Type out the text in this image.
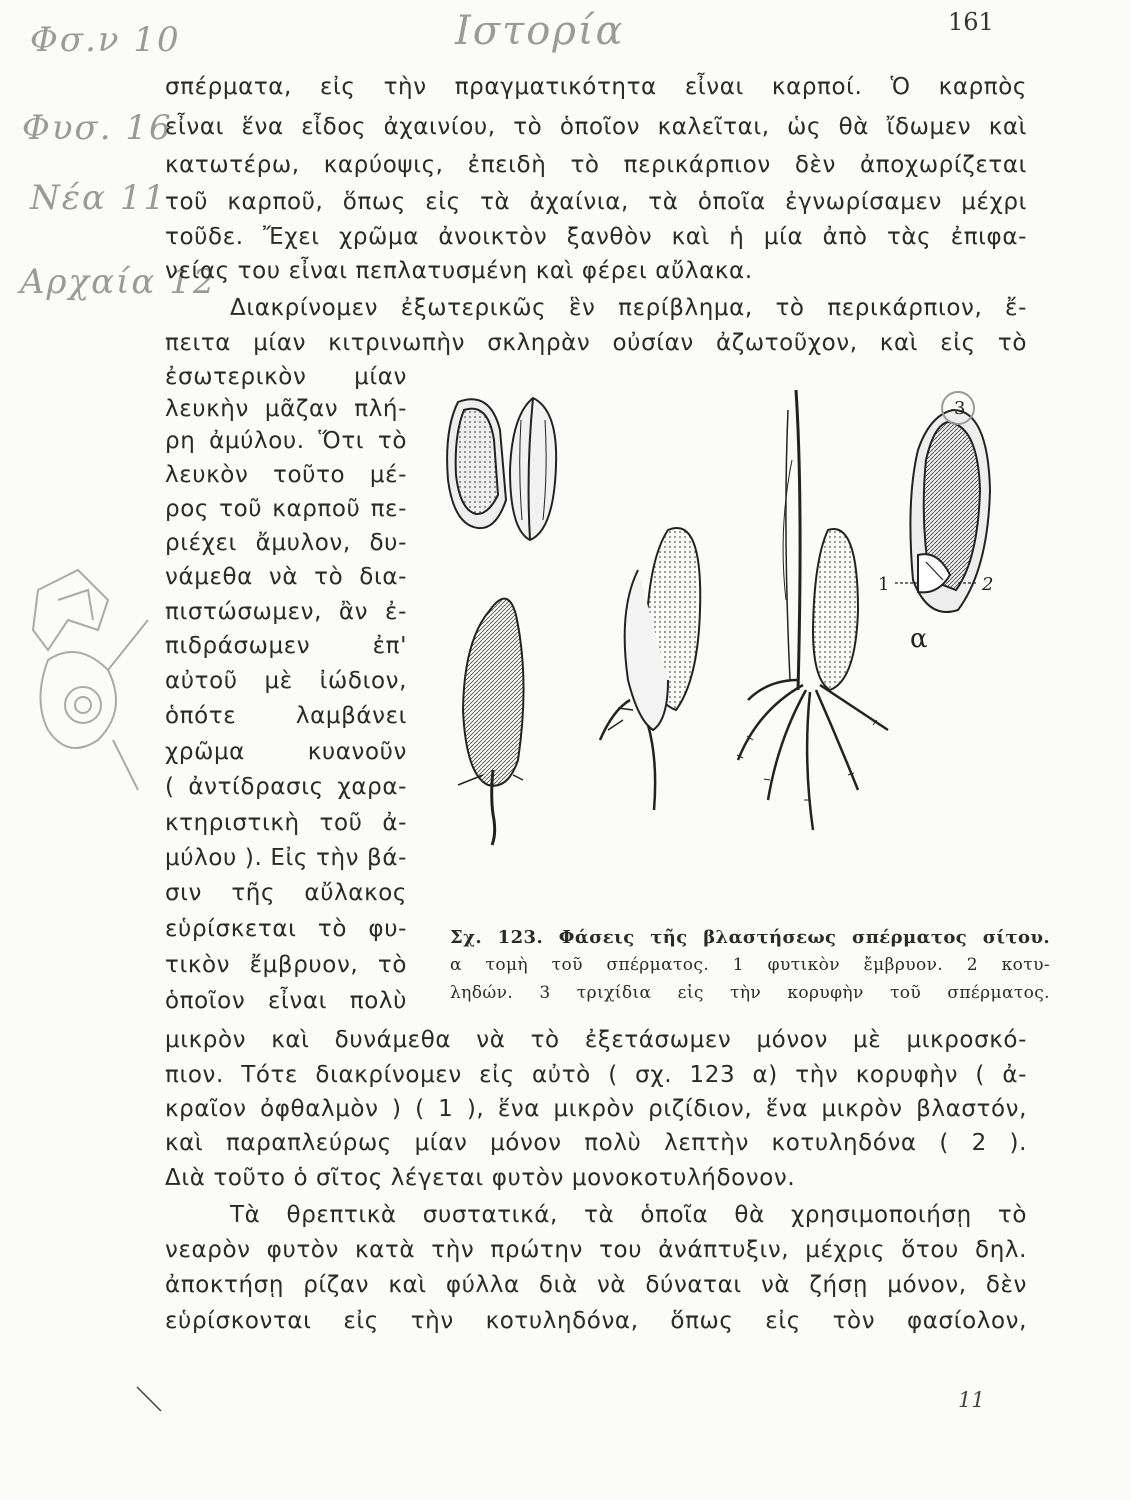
161
Φσ.ν 10	Ιστορία
Φυσ. 16
Νέα 11
Αρχαία 12
σπέρματα, εἰς τὴν πραγματικότητα εἶναι καρποί. Ὁ καρπὸς
εἶναι ἕνα εἶδος ἀχαινίου, τὸ ὁποῖον καλεῖται, ὡς θὰ ἴδωμεν καὶ
κατωτέρω, καρύοψις, ἐπειδὴ τὸ περικάρπιον δὲν ἀποχωρίζεται
τοῦ καρποῦ, ὅπως εἰς τὰ ἀχαίνια, τὰ ὁποῖα ἐγνωρίσαμεν μέχρι
τοῦδε. Ἔχει χρῶμα ἀνοικτὸν ξανθὸν καὶ ἡ μία ἀπὸ τὰς ἐπιφα-
νείας του εἶναι πεπλατυσμένη καὶ φέρει αὔλακα.
Διακρίνομεν ἐξωτερικῶς ἓν περίβλημα, τὸ περικάρπιον, ἔ-
πειτα μίαν κιτρινωπὴν σκληρὰν οὐσίαν ἀζωτοῦχον, καὶ εἰς τὸ
ἐσωτερικὸν μίαν
λευκὴν μᾶζαν πλή-
ρη ἀμύλου. Ὅτι τὸ
λευκὸν τοῦτο μέ-
ρος τοῦ καρποῦ πε-
ριέχει ἄμυλον, δυ-
νάμεθα νὰ τὸ δια-
πιστώσωμεν, ἂν ἐ-
πιδράσωμεν ἐπ'
αὐτοῦ μὲ ἰώδιον,
ὁπότε λαμβάνει
χρῶμα κυανοῦν
( ἀντίδρασις χαρα-
κτηριστικὴ τοῦ ἀ-
μύλου ). Εἰς τὴν βά-
σιν τῆς αὔλακος
εὑρίσκεται τὸ φυ-
τικὸν ἔμβρυον, τὸ
ὁποῖον εἶναι πολὺ
α
1	2
3
Σχ. 123. Φάσεις τῆς βλαστήσεως σπέρματος σίτου.
α τομὴ τοῦ σπέρματος. 1 φυτικὸν ἔμβρυον. 2 κοτυ-
ληδών. 3 τριχίδια εἰς τὴν κορυφὴν τοῦ σπέρματος.
μικρὸν καὶ δυνάμεθα νὰ τὸ ἐξετάσωμεν μόνον μὲ μικροσκό-
πιον. Τότε διακρίνομεν εἰς αὐτὸ ( σχ. 123 α) τὴν κορυφὴν ( ἀ-
κραῖον ὀφθαλμὸν ) ( 1 ), ἕνα μικρὸν ριζίδιον, ἕνα μικρὸν βλαστόν,
καὶ παραπλεύρως μίαν μόνον πολὺ λεπτὴν κοτυληδόνα ( 2 ).
Διὰ τοῦτο ὁ σῖτος λέγεται φυτὸν μονοκοτυλήδονον.
Τὰ θρεπτικὰ συστατικά, τὰ ὁποῖα θὰ χρησιμοποιήσῃ τὸ
νεαρὸν φυτὸν κατὰ τὴν πρώτην του ἀνάπτυξιν, μέχρις ὅτου δηλ.
ἀποκτήσῃ ρίζαν καὶ φύλλα διὰ νὰ δύναται νὰ ζήσῃ μόνον, δὲν
εὑρίσκονται εἰς τὴν κοτυληδόνα, ὅπως εἰς τὸν φασίολον,
11
